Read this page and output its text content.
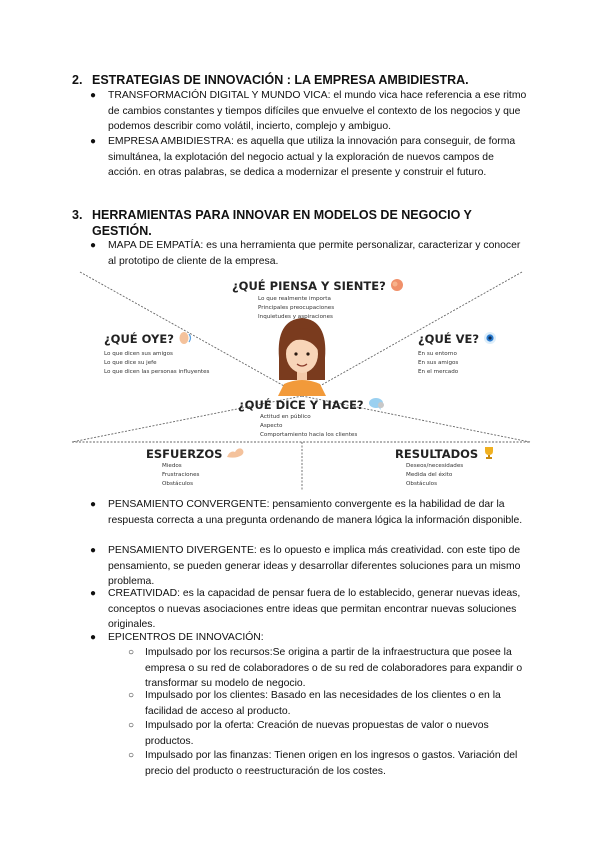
2. ESTRATEGIAS DE INNOVACIÓN : LA EMPRESA AMBIDIESTRA.
● TRANSFORMACIÓN DIGITAL Y MUNDO VICA: el mundo vica hace referencia a ese ritmo de cambios constantes y tiempos difíciles que envuelve el contexto de los negocios y que podemos describir como volátil, incierto, complejo y ambiguo.
● EMPRESA AMBIDIESTRA: es aquella que utiliza la innovación para conseguir, de forma simultánea, la explotación del negocio actual y la exploración de nuevos campos de acción. en otras palabras, se dedica a modernizar el presente y construir el futuro.
3. HERRAMIENTAS PARA INNOVAR EN MODELOS DE NEGOCIO Y GESTIÓN.
● MAPA DE EMPATÍA: es una herramienta que permite personalizar, caracterizar y conocer al prototipo de cliente de la empresa.
¿QUÉ PIENSA Y SIENTE?
Lo que realmente importa
Principales preocupaciones
Inquietudes y aspiraciones
¿QUÉ OYE?
Lo que dicen sus amigos
Lo que dice su jefe
Lo que dicen las personas influyentes
¿QUÉ VE?
En su entorno
En sus amigos
En el mercado
¿QUÉ DICE Y HACE?
Actitud en público
Aspecto
Comportamiento hacia los clientes
ESFUERZOS
Miedos
Frustraciones
Obstáculos
RESULTADOS
Deseos/necesidades
Medida del éxito
Obstáculos
● PENSAMIENTO CONVERGENTE: pensamiento convergente es la habilidad de dar la respuesta correcta a una pregunta ordenando de manera lógica la información disponible.
● PENSAMIENTO DIVERGENTE: es lo opuesto e implica más creatividad. con este tipo de pensamiento, se pueden generar ideas y desarrollar diferentes soluciones para un mismo problema.
● CREATIVIDAD: es la capacidad de pensar fuera de lo establecido, generar nuevas ideas, conceptos o nuevas asociaciones entre ideas que permitan encontrar nuevas soluciones originales.
● EPICENTROS DE INNOVACIÓN:
○ Impulsado por los recursos:Se origina a partir de la infraestructura que posee la empresa o su red de colaboradores o de su red de colaboradores para expandir o transformar su modelo de negocio.
○ Impulsado por los clientes: Basado en las necesidades de los clientes o en la facilidad de acceso al producto.
○ Impulsado por la oferta: Creación de nuevas propuestas de valor o nuevos productos.
○ Impulsado por las finanzas: Tienen origen en los ingresos o gastos. Variación del precio del producto o reestructuración de los costes.
